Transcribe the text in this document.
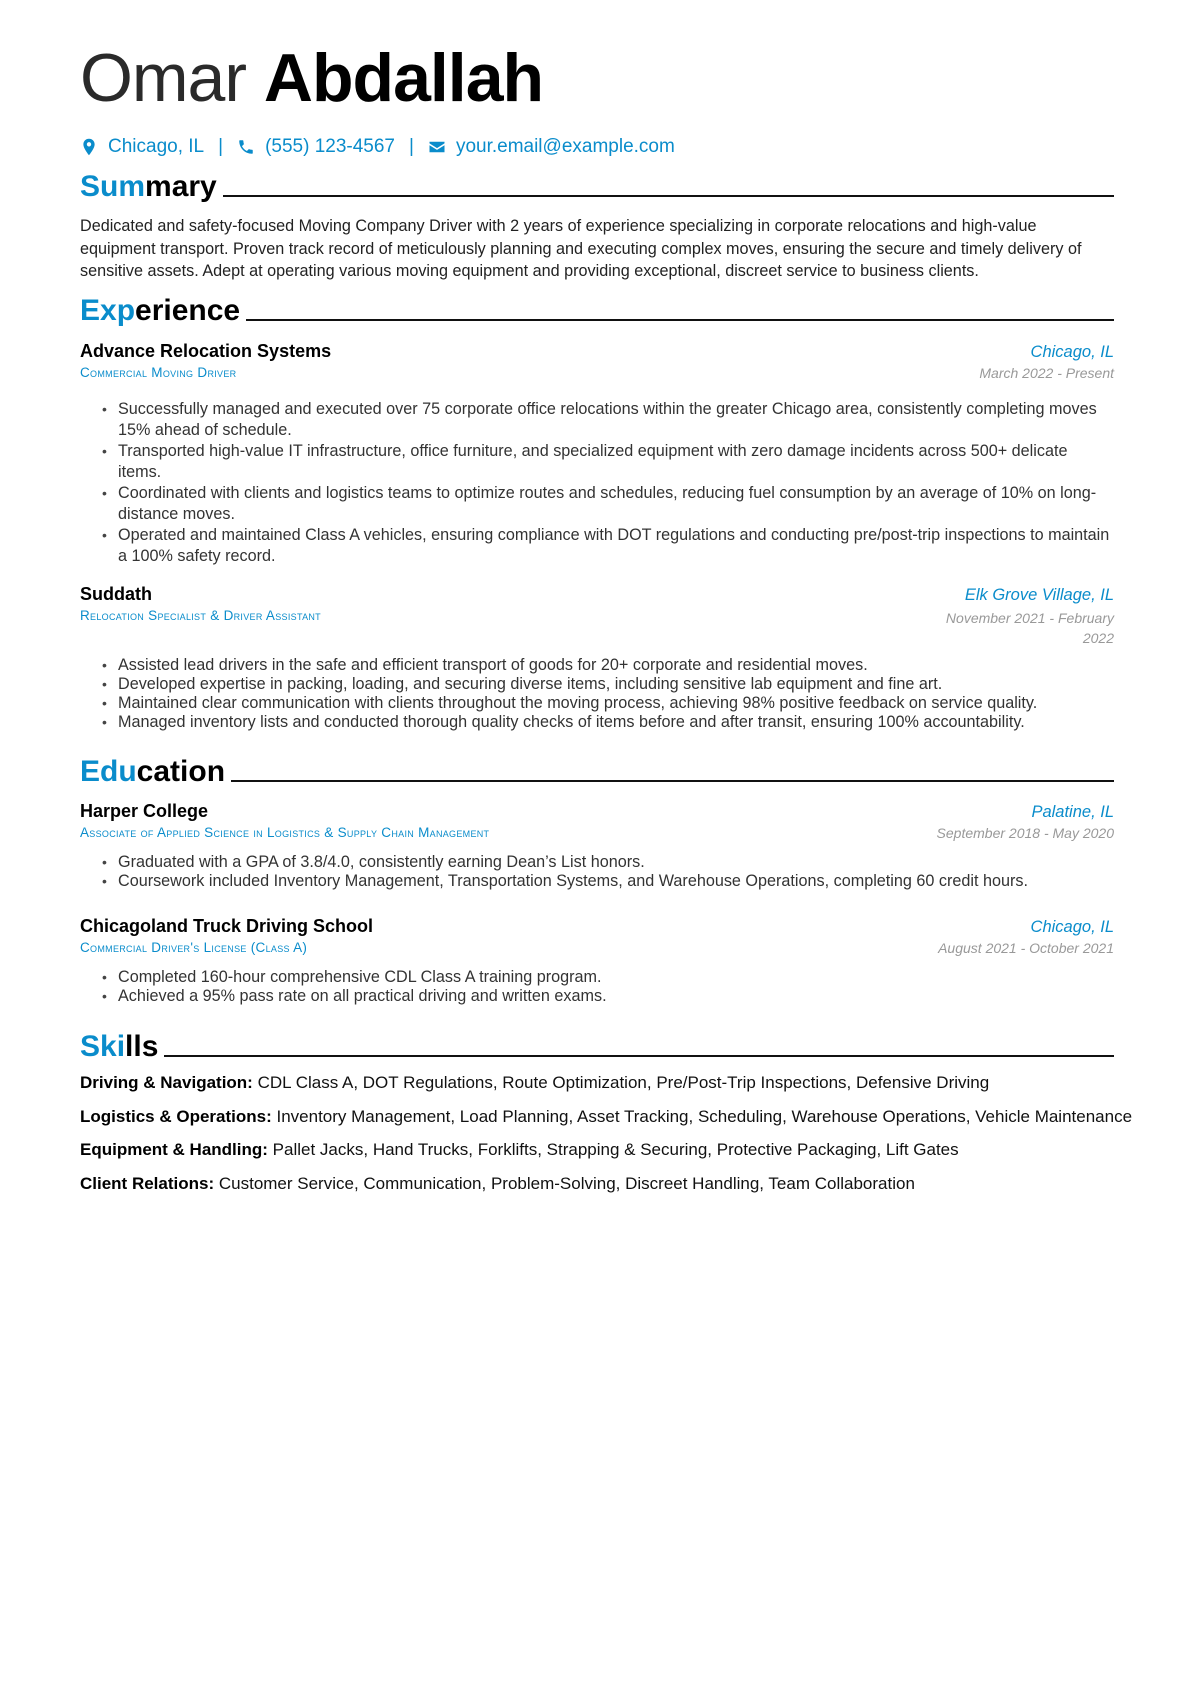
Omar Abdallah
Chicago, IL | (555) 123-4567 | your.email@example.com
Summary
Dedicated and safety-focused Moving Company Driver with 2 years of experience specializing in corporate relocations and high-value equipment transport. Proven track record of meticulously planning and executing complex moves, ensuring the secure and timely delivery of sensitive assets. Adept at operating various moving equipment and providing exceptional, discreet service to business clients.
Experience
Advance Relocation Systems	Chicago, IL
Commercial Moving Driver	March 2022 - Present
• Successfully managed and executed over 75 corporate office relocations within the greater Chicago area, consistently completing moves 15% ahead of schedule.
• Transported high-value IT infrastructure, office furniture, and specialized equipment with zero damage incidents across 500+ delicate items.
• Coordinated with clients and logistics teams to optimize routes and schedules, reducing fuel consumption by an average of 10% on long-distance moves.
• Operated and maintained Class A vehicles, ensuring compliance with DOT regulations and conducting pre/post-trip inspections to maintain a 100% safety record.
Suddath	Elk Grove Village, IL
Relocation Specialist & Driver Assistant	November 2021 - February 2022
• Assisted lead drivers in the safe and efficient transport of goods for 20+ corporate and residential moves.
• Developed expertise in packing, loading, and securing diverse items, including sensitive lab equipment and fine art.
• Maintained clear communication with clients throughout the moving process, achieving 98% positive feedback on service quality.
• Managed inventory lists and conducted thorough quality checks of items before and after transit, ensuring 100% accountability.
Education
Harper College	Palatine, IL
Associate of Applied Science in Logistics & Supply Chain Management	September 2018 - May 2020
• Graduated with a GPA of 3.8/4.0, consistently earning Dean’s List honors.
• Coursework included Inventory Management, Transportation Systems, and Warehouse Operations, completing 60 credit hours.
Chicagoland Truck Driving School	Chicago, IL
Commercial Driver's License (Class A)	August 2021 - October 2021
• Completed 160-hour comprehensive CDL Class A training program.
• Achieved a 95% pass rate on all practical driving and written exams.
Skills
Driving & Navigation: CDL Class A, DOT Regulations, Route Optimization, Pre/Post-Trip Inspections, Defensive Driving
Logistics & Operations: Inventory Management, Load Planning, Asset Tracking, Scheduling, Warehouse Operations, Vehicle Maintenance
Equipment & Handling: Pallet Jacks, Hand Trucks, Forklifts, Strapping & Securing, Protective Packaging, Lift Gates
Client Relations: Customer Service, Communication, Problem-Solving, Discreet Handling, Team Collaboration
